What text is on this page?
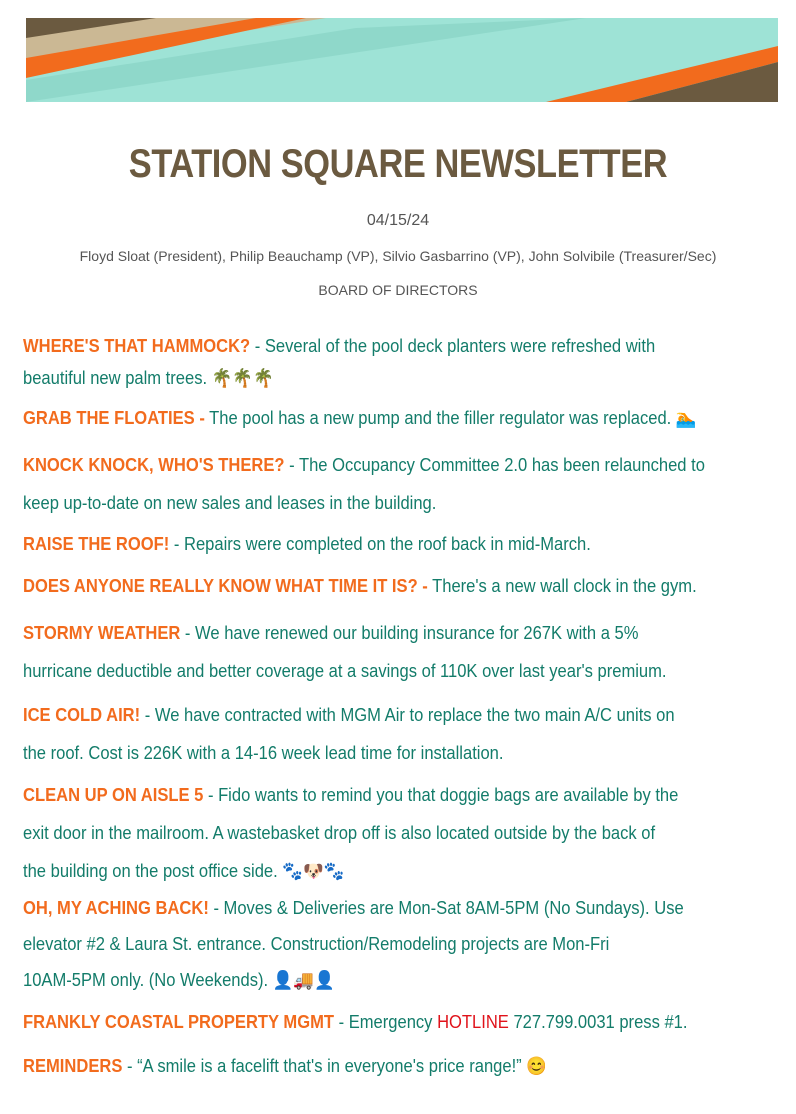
STATION SQUARE NEWSLETTER
04/15/24
Floyd Sloat (President), Philip Beauchamp (VP), Silvio Gasbarrino (VP), John Solvibile (Treasurer/Sec)
BOARD OF DIRECTORS
WHERE'S THAT HAMMOCK? - Several of the pool deck planters were refreshed with
beautiful new palm trees. 🌴🌴🌴
GRAB THE FLOATIES - The pool has a new pump and the filler regulator was replaced. 🏊
KNOCK KNOCK, WHO'S THERE? - The Occupancy Committee 2.0 has been relaunched to
keep up-to-date on new sales and leases in the building.
RAISE THE ROOF! - Repairs were completed on the roof back in mid-March.
DOES ANYONE REALLY KNOW WHAT TIME IT IS? - There's a new wall clock in the gym.
STORMY WEATHER - We have renewed our building insurance for 267K with a 5%
hurricane deductible and better coverage at a savings of 110K over last year's premium.
ICE COLD AIR! - We have contracted with MGM Air to replace the two main A/C units on
the roof. Cost is 226K with a 14-16 week lead time for installation.
CLEAN UP ON AISLE 5 - Fido wants to remind you that doggie bags are available by the
exit door in the mailroom. A wastebasket drop off is also located outside by the back of
the building on the post office side. 🐾🐶🐾
OH, MY ACHING BACK! - Moves & Deliveries are Mon-Sat 8AM-5PM (No Sundays). Use
elevator #2 & Laura St. entrance. Construction/Remodeling projects are Mon-Fri
10AM-5PM only. (No Weekends). 👤🚚👤
FRANKLY COASTAL PROPERTY MGMT - Emergency HOTLINE 727.799.0031 press #1.
REMINDERS - “A smile is a facelift that's in everyone's price range!” 😊
